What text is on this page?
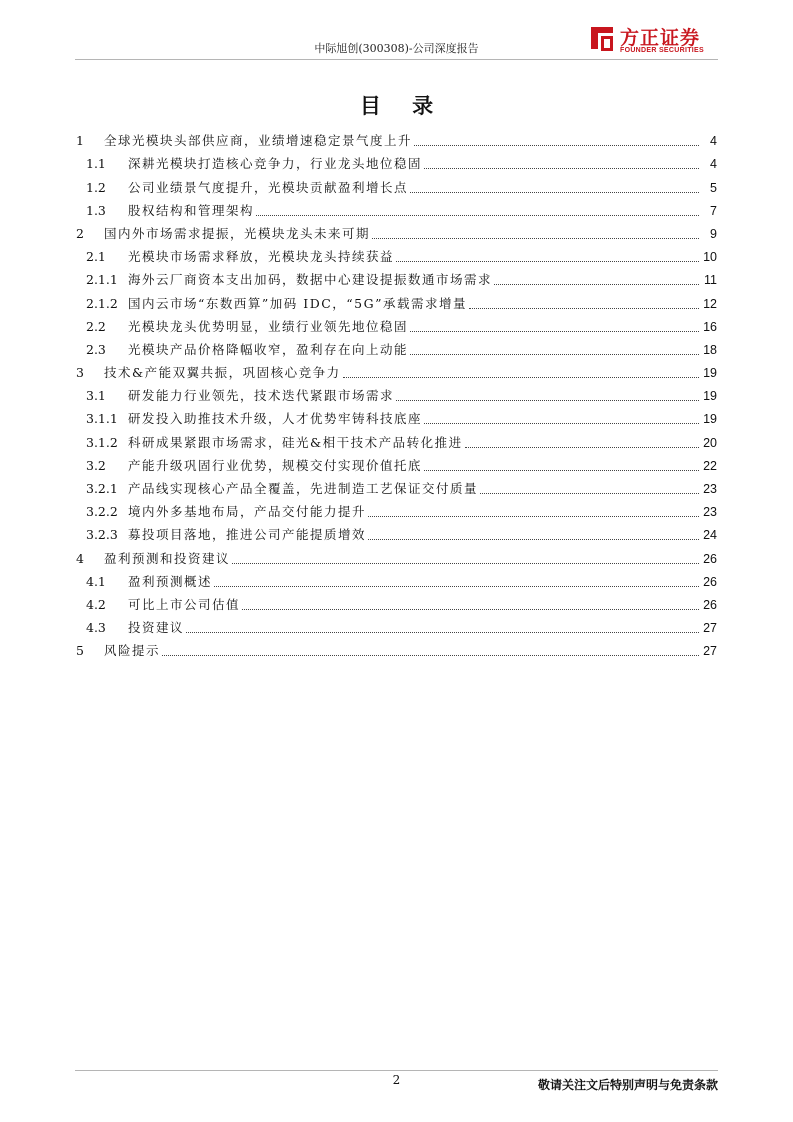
中际旭创(300308)-公司深度报告	方正证券
FOUNDER SECURITIES
目 录
1	全球光模块头部供应商，业绩增速稳定景气度上升	4
1.1	深耕光模块打造核心竞争力，行业龙头地位稳固	4
1.2	公司业绩景气度提升，光模块贡献盈利增长点	5
1.3	股权结构和管理架构	7
2	国内外市场需求提振，光模块龙头未来可期	9
2.1	光模块市场需求释放，光模块龙头持续获益	10
2.1.1 海外云厂商资本支出加码，数据中心建设提振数通市场需求	11
2.1.2 国内云市场“东数西算”加码 IDC，“5G”承载需求增量	12
2.2	光模块龙头优势明显，业绩行业领先地位稳固	16
2.3	光模块产品价格降幅收窄，盈利存在向上动能	18
3	技术&产能双翼共振，巩固核心竞争力	19
3.1	研发能力行业领先，技术迭代紧跟市场需求	19
3.1.1 研发投入助推技术升级，人才优势牢铸科技底座	19
3.1.2 科研成果紧跟市场需求，硅光&相干技术产品转化推进	20
3.2	产能升级巩固行业优势，规模交付实现价值托底	22
3.2.1 产品线实现核心产品全覆盖，先进制造工艺保证交付质量	23
3.2.2 境内外多基地布局，产品交付能力提升	23
3.2.3 募投项目落地，推进公司产能提质增效	24
4	盈利预测和投资建议	26
4.1	盈利预测概述	26
4.2	可比上市公司估值	26
4.3	投资建议	27
5	风险提示	27
2	敬请关注文后特别声明与免责条款
